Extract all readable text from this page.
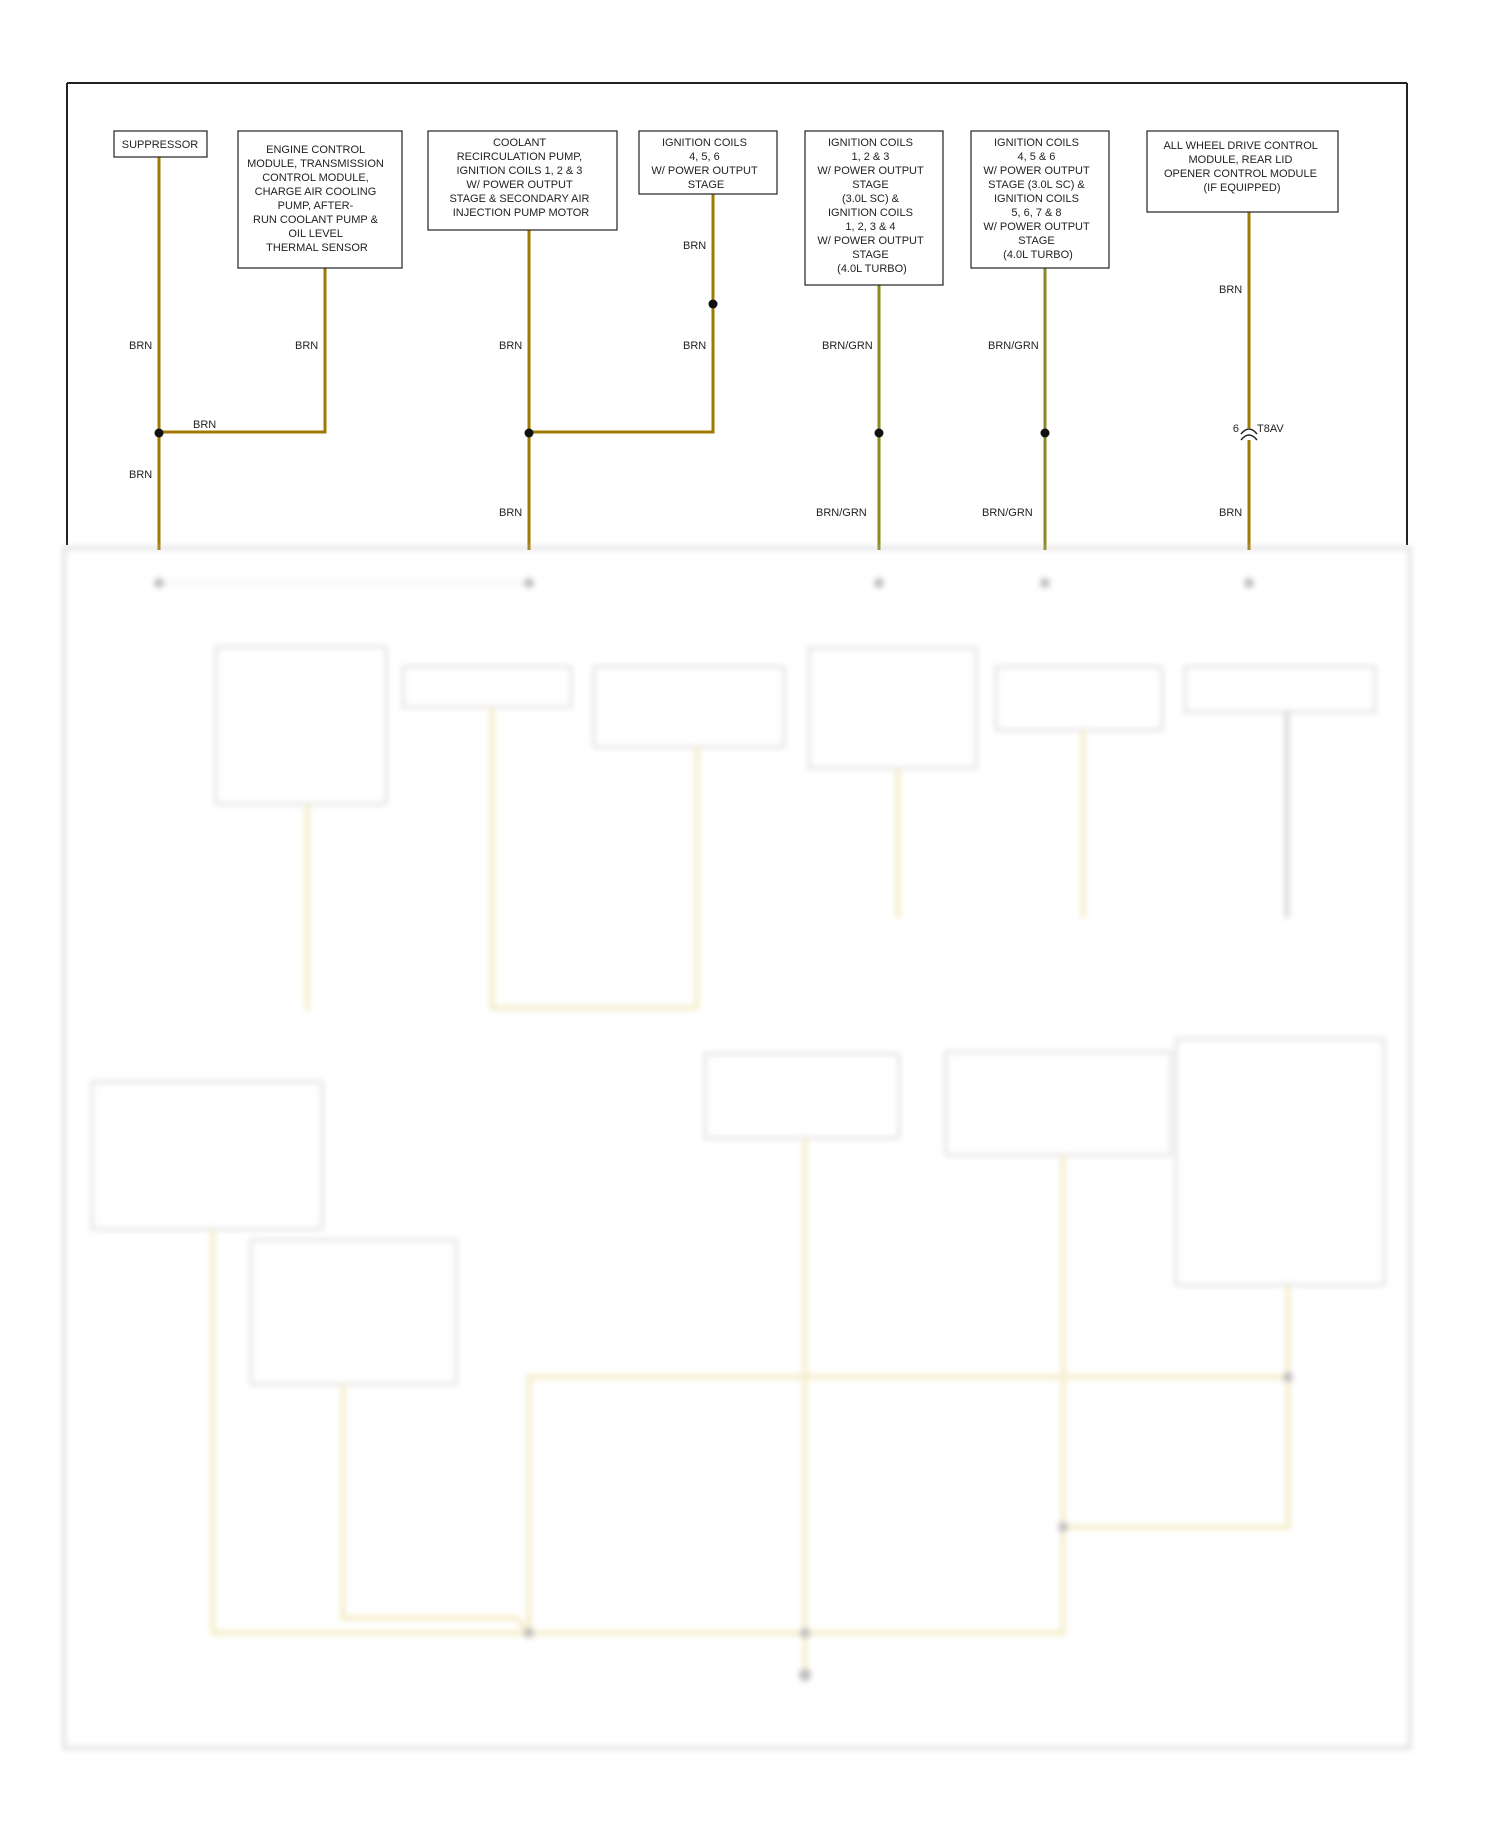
6 T8AV
BRN	BRN
BRN
BRN
BRN
BRN
BRN
BRN
BRN/GRN
BRN/GRN
BRN/GRN
BRN/GRN
BRN
BRN
SUPPRESSOR	ENGINE CONTROL MODULE, TRANSMISSION CONTROL MODULE, CHARGE AIR COOLING PUMP, AFTER- RUN COOLANT PUMP & OIL LEVEL THERMAL SENSOR
COOLANT RECIRCULATION PUMP, IGNITION COILS 1, 2 & 3 W/ POWER OUTPUT STAGE & SECONDARY AIR INJECTION PUMP MOTOR
IGNITION COILS 4, 5, 6 W/ POWER OUTPUT STAGE
IGNITION COILS 1, 2 & 3 W/ POWER OUTPUT STAGE (3.0L SC) & IGNITION COILS 1, 2, 3 & 4 W/ POWER OUTPUT STAGE (4.0L TURBO)
IGNITION COILS 4, 5 & 6 W/ POWER OUTPUT STAGE (3.0L SC) & IGNITION COILS 5, 6, 7 & 8 W/ POWER OUTPUT STAGE (4.0L TURBO)
ALL WHEEL DRIVE CONTROL MODULE, REAR LID OPENER CONTROL MODULE (IF EQUIPPED)
